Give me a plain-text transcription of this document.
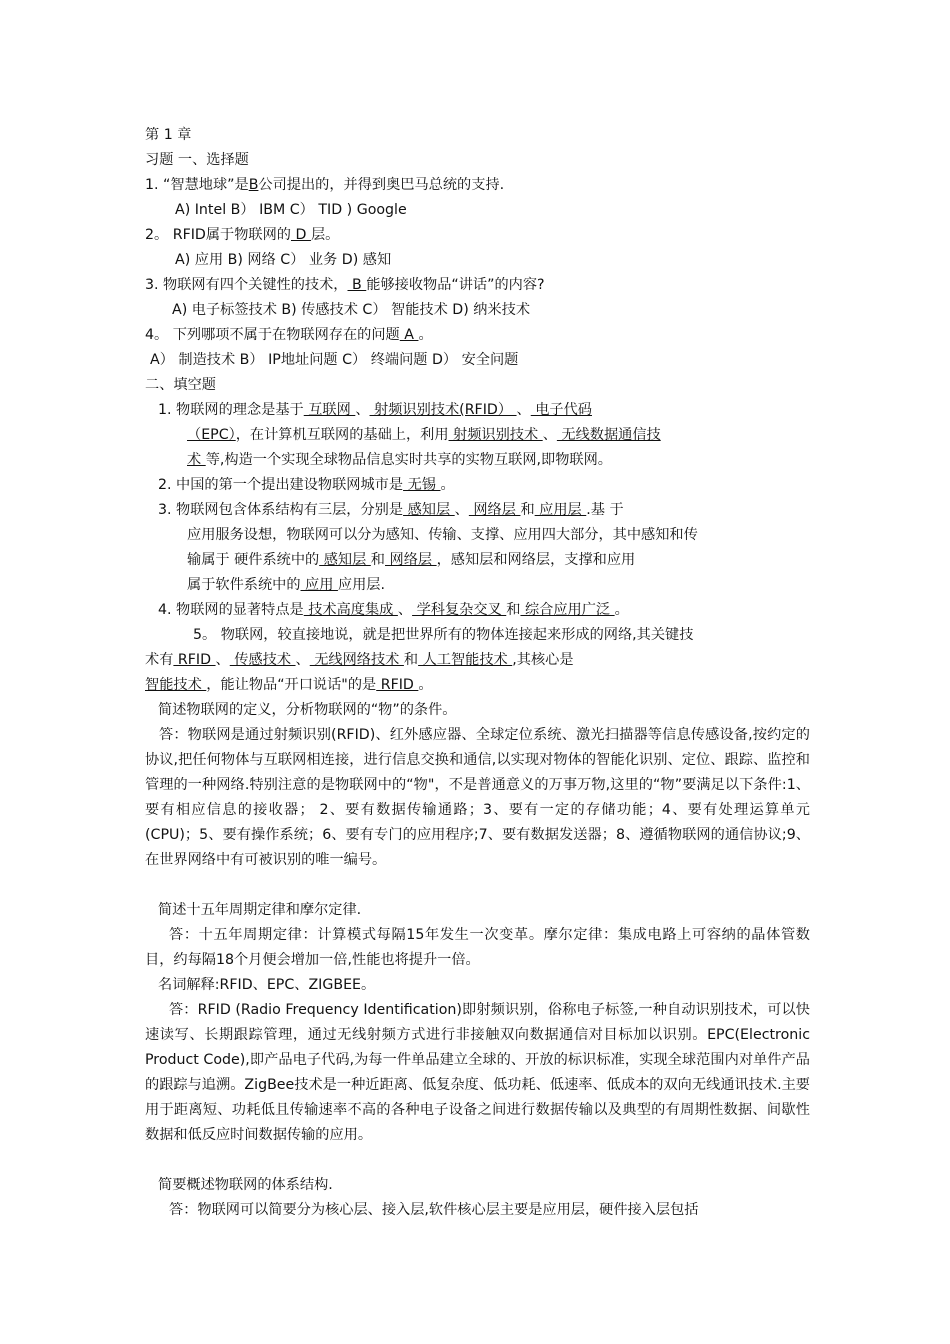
第 1 章
习题 一、选择题
1. “智慧地球”是B公司提出的，并得到奥巴马总统的支持.
A) Intel B） IBM C） TID ) Google
2。 RFID属于物联网的 D 层。
A) 应用 B) 网络 C） 业务 D) 感知
3. 物联网有四个关键性的技术， B 能够接收物品“讲话”的内容?
A) 电子标签技术 B) 传感技术 C） 智能技术 D) 纳米技术
4。 下列哪项不属于在物联网存在的问题 A 。
A） 制造技术 B） IP地址问题 C） 终端问题 D） 安全问题
二、填空题
1. 物联网的理念是基于 互联网 、 射频识别技术(RFID） 、 电子代码
（EPC），在计算机互联网的基础上，利用 射频识别技术 、 无线数据通信技
术 等,构造一个实现全球物品信息实时共享的实物互联网,即物联网。
2. 中国的第一个提出建设物联网城市是 无锡 。
3. 物联网包含体系结构有三层，分别是 感知层 、 网络层 和 应用层 .基 于
应用服务设想，物联网可以分为感知、传输、支撑、应用四大部分，其中感知和传
输属于 硬件系统中的 感知层 和 网络层 ，感知层和网络层，支撑和应用
属于软件系统中的 应用 应用层.
4. 物联网的显著特点是 技术高度集成 、 学科复杂交叉 和 综合应用广泛 。
5。 物联网，较直接地说，就是把世界所有的物体连接起来形成的网络,其关键技
术有 RFID 、 传感技术 、 无线网络技术 和 人工智能技术 ,其核心是
智能技术 ，能让物品“开口说话"的是 RFID 。
简述物联网的定义，分析物联网的“物”的条件。
答：物联网是通过射频识别(RFID)、红外感应器、全球定位系统、激光扫描器等信息传感设备,按约定的协议,把任何物体与互联网相连接，进行信息交换和通信,以实现对物体的智能化识别、定位、跟踪、监控和管理的一种网络.特别注意的是物联网中的“物"，不是普通意义的万事万物,这里的“物”要满足以下条件:1、要有相应信息的接收器； 2、要有数据传输通路；3、要有一定的存储功能；4、要有处理运算单元(CPU)；5、要有操作系统；6、要有专门的应用程序;7、要有数据发送器；8、遵循物联网的通信协议;9、在世界网络中有可被识别的唯一编号。
简述十五年周期定律和摩尔定律.
答：十五年周期定律：计算模式每隔15年发生一次变革。摩尔定律：集成电路上可容纳的晶体管数目，约每隔18个月便会增加一倍,性能也将提升一倍。
名词解释:RFID、EPC、ZIGBEE。
答：RFID (Radio Frequency Identification)即射频识别，俗称电子标签,一种自动识别技术，可以快速读写、长期跟踪管理，通过无线射频方式进行非接触双向数据通信对目标加以识别。EPC(Electronic Product Code),即产品电子代码,为每一件单品建立全球的、开放的标识标准，实现全球范围内对单件产品的跟踪与追溯。ZigBee技术是一种近距离、低复杂度、低功耗、低速率、低成本的双向无线通讯技术.主要用于距离短、功耗低且传输速率不高的各种电子设备之间进行数据传输以及典型的有周期性数据、间歇性数据和低反应时间数据传输的应用。
简要概述物联网的体系结构.
答：物联网可以简要分为核心层、接入层,软件核心层主要是应用层，硬件接入层包括
